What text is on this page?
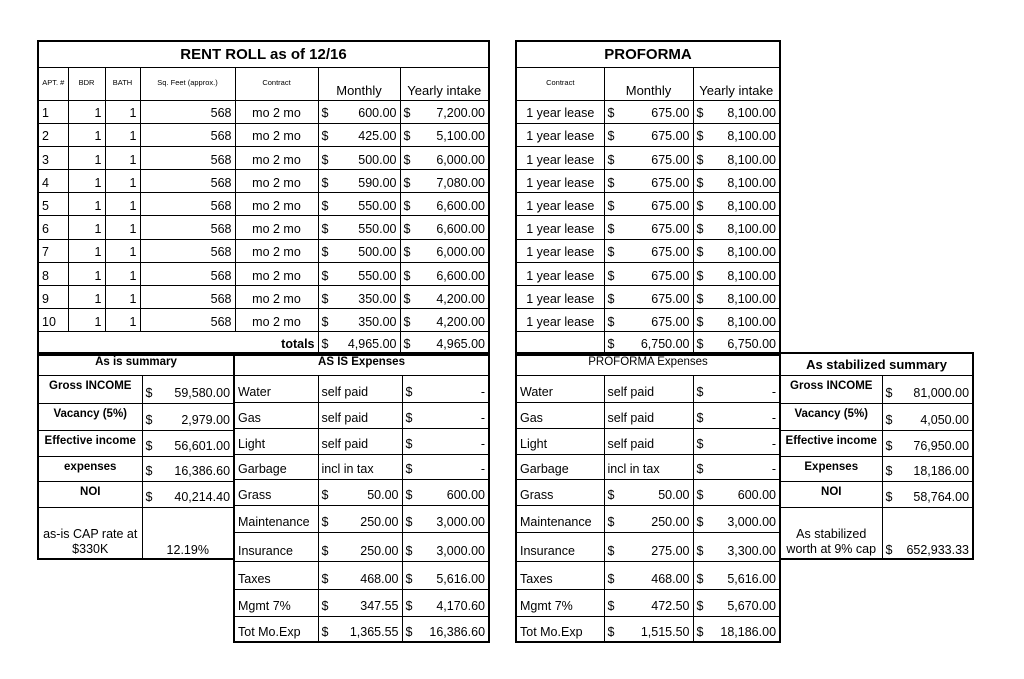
RENT ROLL as of 12/16						
APT. #	BDR	BATH	Sq. Feet (approx.)	Contract	Monthly	Yearly intake
1	1	1	568	mo 2 mo	$ 600.00	$ 7,200.00

2	1	1	568	mo 2 mo	$ 425.00	$ 5,100.00

3	1	1	568	mo 2 mo	$ 500.00	$ 6,000.00

4	1	1	568	mo 2 mo	$ 590.00	$ 7,080.00

5	1	1	568	mo 2 mo	$ 550.00	$ 6,600.00

6	1	1	568	mo 2 mo	$ 550.00	$ 6,600.00

7	1	1	568	mo 2 mo	$ 500.00	$ 6,000.00

8	1	1	568	mo 2 mo	$ 550.00	$ 6,600.00

9	1	1	568	mo 2 mo	$ 350.00	$ 4,200.00

10	1	1	568	mo 2 mo	$ 350.00	$ 4,200.00

totals					$ 4,965.00	$ 4,965.00
PROFORMA		
Contract	Monthly	Yearly intake
1 year lease	$ 675.00	$ 8,100.00

1 year lease	$ 675.00	$ 8,100.00

1 year lease	$ 675.00	$ 8,100.00

1 year lease	$ 675.00	$ 8,100.00

1 year lease	$ 675.00	$ 8,100.00

1 year lease	$ 675.00	$ 8,100.00

1 year lease	$ 675.00	$ 8,100.00

1 year lease	$ 675.00	$ 8,100.00

1 year lease	$ 675.00	$ 8,100.00

1 year lease	$ 675.00	$ 8,100.00

	$ 6,750.00	$ 6,750.00
As is summary	
Gross INCOME	$ 59,580.00

Vacancy (5%)	$ 2,979.00

Effective income	$ 56,601.00

expenses	$ 16,386.60

NOI	$ 40,214.40

as-is CAP rate at $330K	12.19%
AS IS Expenses		
Water	self paid	$ -

Gas	self paid	$ -

Light	self paid	$ -

Garbage	incl in tax	$ -

Grass	$ 50.00	$ 600.00

Maintenance	$ 250.00	$ 3,000.00

Insurance	$ 250.00	$ 3,000.00

Taxes	$ 468.00	$ 5,616.00

Mgmt 7%	$ 347.55	$ 4,170.60

Tot Mo.Exp	$ 1,365.55	$ 16,386.60
PROFORMA Expenses		
Water	self paid	$ -

Gas	self paid	$ -

Light	self paid	$ -

Garbage	incl in tax	$ -

Grass	$ 50.00	$ 600.00

Maintenance	$ 250.00	$ 3,000.00

Insurance	$ 275.00	$ 3,300.00

Taxes	$ 468.00	$ 5,616.00

Mgmt 7%	$ 472.50	$ 5,670.00

Tot Mo.Exp	$ 1,515.50	$ 18,186.00
As stabilized summary	
Gross INCOME	$ 81,000.00

Vacancy (5%)	$ 4,050.00

Effective income	$ 76,950.00

Expenses	$ 18,186.00

NOI	$ 58,764.00

As stabilized worth at 9% cap	$ 652,933.33
